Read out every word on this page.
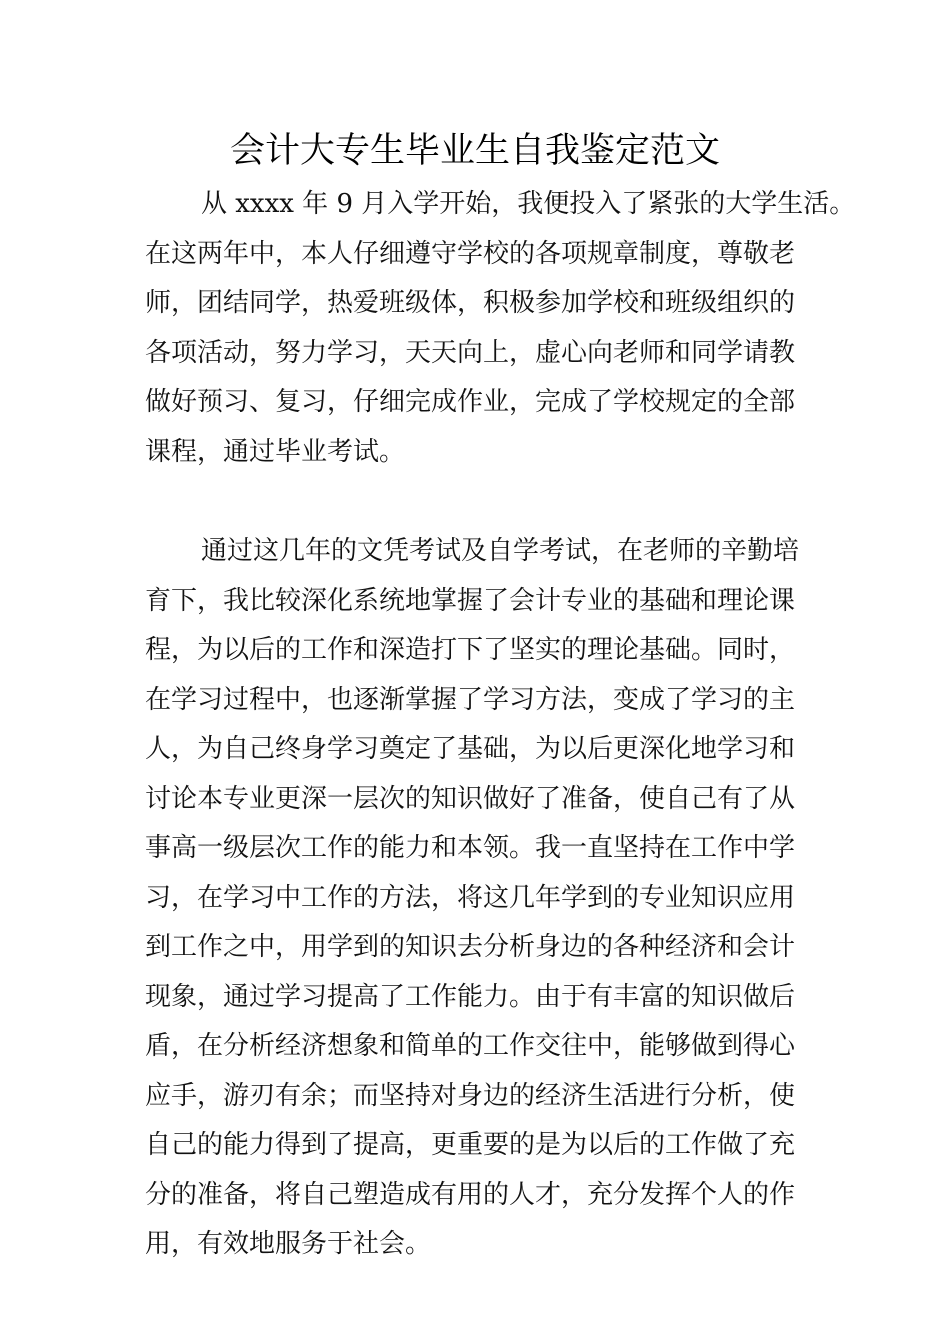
会计大专生毕业生自我鉴定范文
从 xxxx 年 9 月入学开始，我便投入了紧张的大学生活。
在这两年中，本人仔细遵守学校的各项规章制度，尊敬老
师，团结同学，热爱班级体，积极参加学校和班级组织的
各项活动，努力学习，天天向上，虚心向老师和同学请教
做好预习、复习，仔细完成作业，完成了学校规定的全部
课程，通过毕业考试。
通过这几年的文凭考试及自学考试，在老师的辛勤培
育下，我比较深化系统地掌握了会计专业的基础和理论课
程，为以后的工作和深造打下了坚实的理论基础。同时，
在学习过程中，也逐渐掌握了学习方法，变成了学习的主
人，为自己终身学习奠定了基础，为以后更深化地学习和
讨论本专业更深一层次的知识做好了准备，使自己有了从
事高一级层次工作的能力和本领。我一直坚持在工作中学
习，在学习中工作的方法，将这几年学到的专业知识应用
到工作之中，用学到的知识去分析身边的各种经济和会计
现象，通过学习提高了工作能力。由于有丰富的知识做后
盾，在分析经济想象和简单的工作交往中，能够做到得心
应手，游刃有余；而坚持对身边的经济生活进行分析，使
自己的能力得到了提高，更重要的是为以后的工作做了充
分的准备，将自己塑造成有用的人才，充分发挥个人的作
用，有效地服务于社会。
